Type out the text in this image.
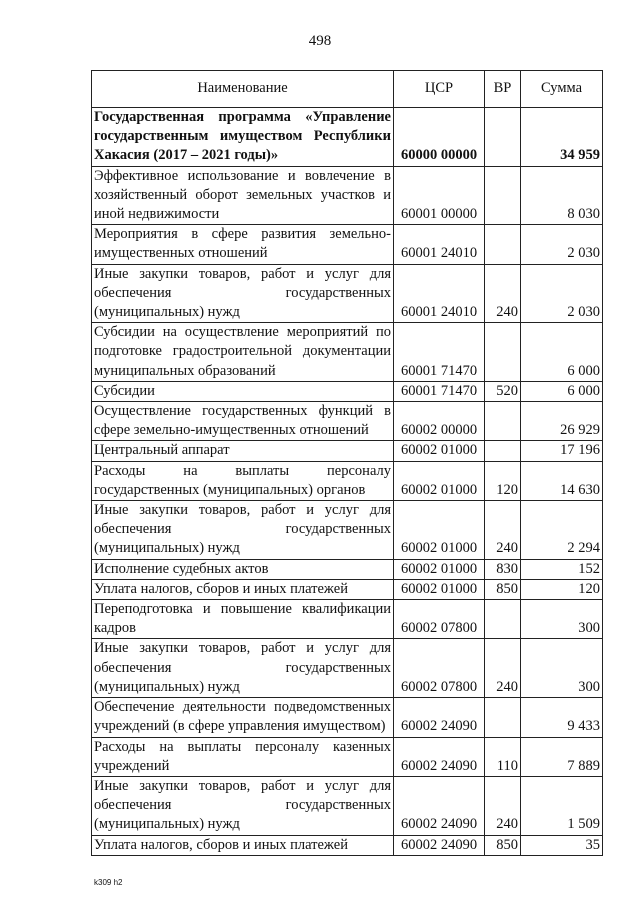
498
Наименование	ЦСР	ВР	Сумма
Государственная программа «Управление государственным имуществом Республики Хакасия (2017 – 2021 годы)»	60000 00000		34 959
Эффективное использование и вовлечение в хозяйственный оборот земельных участков и иной недвижимости	60001 00000		8 030
Мероприятия в сфере развития земельно-имущественных отношений	60001 24010		2 030
Иные закупки товаров, работ и услуг для обеспечения государственных (муниципальных) нужд	60001 24010	240	2 030
Субсидии на осуществление мероприятий по подготовке градостроительной документации муниципальных образований	60001 71470		6 000
Субсидии	60001 71470	520	6 000
Осуществление государственных функций в сфере земельно-имущественных отношений	60002 00000		26 929
Центральный аппарат	60002 01000		17 196
Расходы на выплаты персоналу государственных (муниципальных) органов	60002 01000	120	14 630
Иные закупки товаров, работ и услуг для обеспечения государственных (муниципальных) нужд	60002 01000	240	2 294
Исполнение судебных актов	60002 01000	830	152
Уплата налогов, сборов и иных платежей	60002 01000	850	120
Переподготовка и повышение квалификации кадров	60002 07800		300
Иные закупки товаров, работ и услуг для обеспечения государственных (муниципальных) нужд	60002 07800	240	300
Обеспечение деятельности подведомственных учреждений (в сфере управления имуществом)	60002 24090		9 433
Расходы на выплаты персоналу казенных учреждений	60002 24090	110	7 889
Иные закупки товаров, работ и услуг для обеспечения государственных (муниципальных) нужд	60002 24090	240	1 509
Уплата налогов, сборов и иных платежей	60002 24090	850	35
k309 h2
